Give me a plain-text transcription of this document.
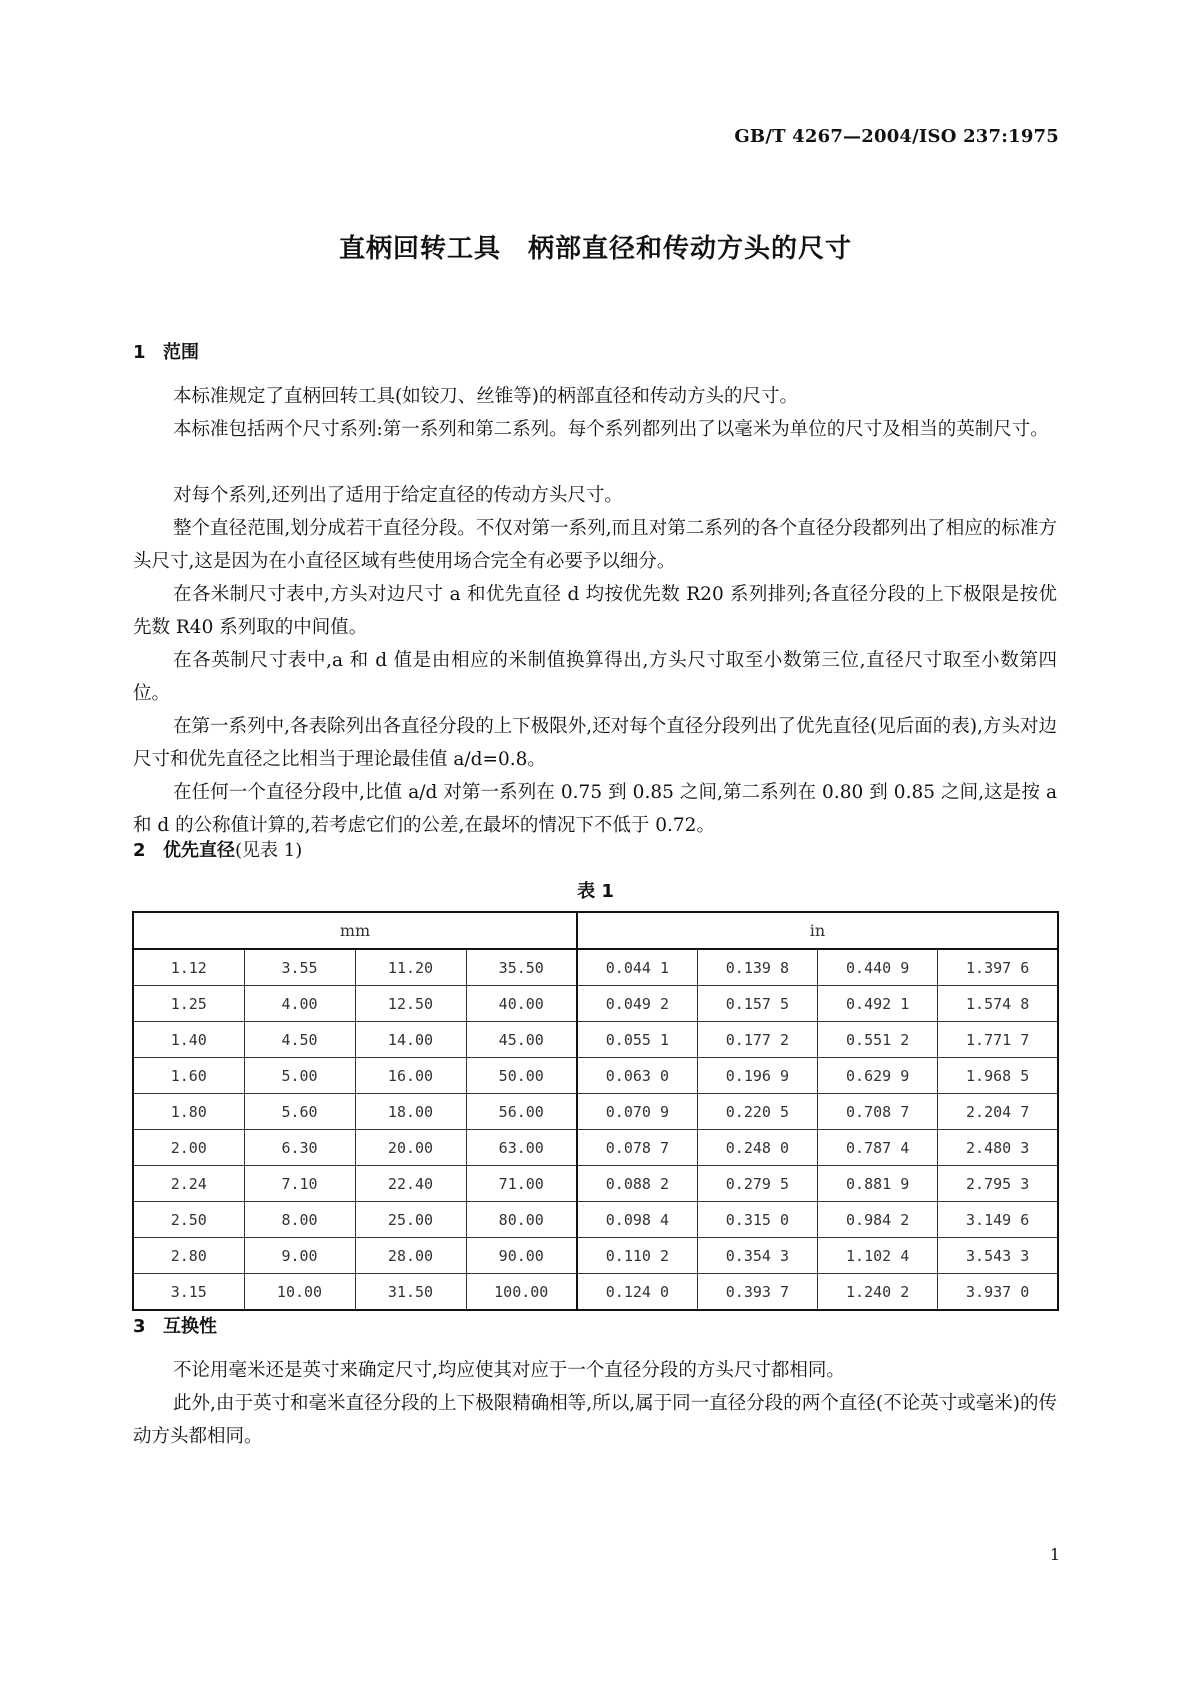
GB/T 4267—2004/ISO 237:1975
直柄回转工具　柄部直径和传动方头的尺寸
1 范围

本标准规定了直柄回转工具(如铰刀、丝锥等)的柄部直径和传动方头的尺寸。

本标准包括两个尺寸系列:第一系列和第二系列。每个系列都列出了以毫米为单位的尺寸及相当的英制尺寸。

对每个系列,还列出了适用于给定直径的传动方头尺寸。

整个直径范围,划分成若干直径分段。不仅对第一系列,而且对第二系列的各个直径分段都列出了相应的标准方头尺寸,这是因为在小直径区域有些使用场合完全有必要予以细分。

在各米制尺寸表中,方头对边尺寸 a 和优先直径 d 均按优先数 R20 系列排列;各直径分段的上下极限是按优先数 R40 系列取的中间值。

在各英制尺寸表中,a 和 d 值是由相应的米制值换算得出,方头尺寸取至小数第三位,直径尺寸取至小数第四位。

在第一系列中,各表除列出各直径分段的上下极限外,还对每个直径分段列出了优先直径(见后面的表),方头对边尺寸和优先直径之比相当于理论最佳值 a/d=0.8。

在任何一个直径分段中,比值 a/d 对第一系列在 0.75 到 0.85 之间,第二系列在 0.80 到 0.85 之间,这是按 a 和 d 的公称值计算的,若考虑它们的公差,在最坏的情况下不低于 0.72。

2 优先直径(见表 1)
表 1
mm				in			
1.12	3.55	11.20	35.50	0.044 1	0.139 8	0.440 9	1.397 6
1.25	4.00	12.50	40.00	0.049 2	0.157 5	0.492 1	1.574 8
1.40	4.50	14.00	45.00	0.055 1	0.177 2	0.551 2	1.771 7
1.60	5.00	16.00	50.00	0.063 0	0.196 9	0.629 9	1.968 5
1.80	5.60	18.00	56.00	0.070 9	0.220 5	0.708 7	2.204 7
2.00	6.30	20.00	63.00	0.078 7	0.248 0	0.787 4	2.480 3
2.24	7.10	22.40	71.00	0.088 2	0.279 5	0.881 9	2.795 3
2.50	8.00	25.00	80.00	0.098 4	0.315 0	0.984 2	3.149 6
2.80	9.00	28.00	90.00	0.110 2	0.354 3	1.102 4	3.543 3
3.15	10.00	31.50	100.00	0.124 0	0.393 7	1.240 2	3.937 0
3 互换性

不论用毫米还是英寸来确定尺寸,均应使其对应于一个直径分段的方头尺寸都相同。

此外,由于英寸和毫米直径分段的上下极限精确相等,所以,属于同一直径分段的两个直径(不论英寸或毫米)的传动方头都相同。

1
